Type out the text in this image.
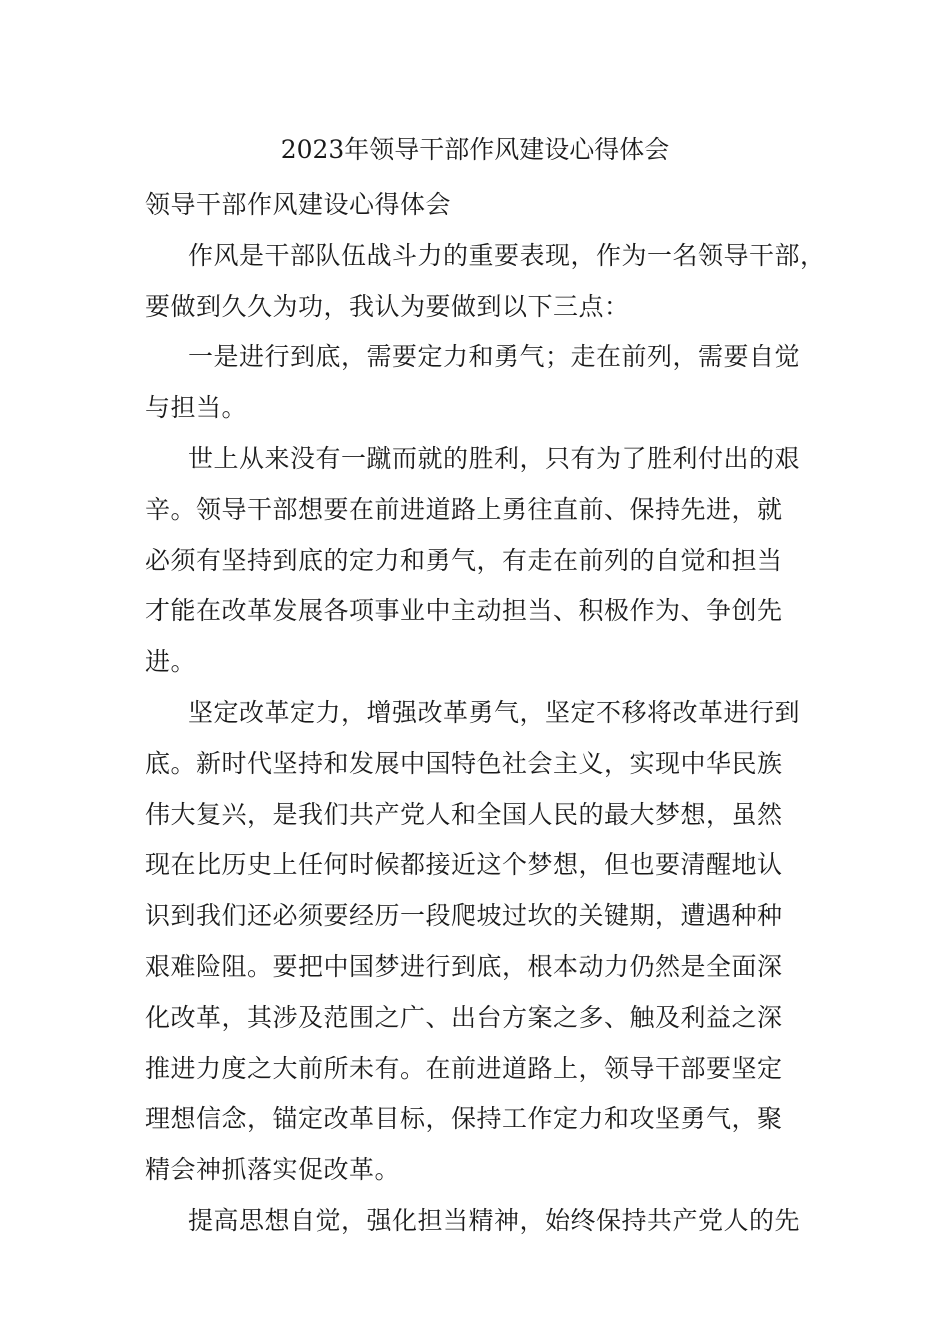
2023年领导干部作风建设心得体会
领导干部作风建设心得体会
作风是干部队伍战斗力的重要表现，作为一名领导干部，
要做到久久为功，我认为要做到以下三点：
一是进行到底，需要定力和勇气；走在前列，需要自觉
与担当。
世上从来没有一蹴而就的胜利，只有为了胜利付出的艰
辛。领导干部想要在前进道路上勇往直前、保持先进，就
必须有坚持到底的定力和勇气，有走在前列的自觉和担当
才能在改革发展各项事业中主动担当、积极作为、争创先
进。
坚定改革定力，增强改革勇气，坚定不移将改革进行到
底。新时代坚持和发展中国特色社会主义，实现中华民族
伟大复兴，是我们共产党人和全国人民的最大梦想，虽然
现在比历史上任何时候都接近这个梦想，但也要清醒地认
识到我们还必须要经历一段爬坡过坎的关键期，遭遇种种
艰难险阻。要把中国梦进行到底，根本动力仍然是全面深
化改革，其涉及范围之广、出台方案之多、触及利益之深
推进力度之大前所未有。在前进道路上，领导干部要坚定
理想信念，锚定改革目标，保持工作定力和攻坚勇气，聚
精会神抓落实促改革。
提高思想自觉，强化担当精神，始终保持共产党人的先
